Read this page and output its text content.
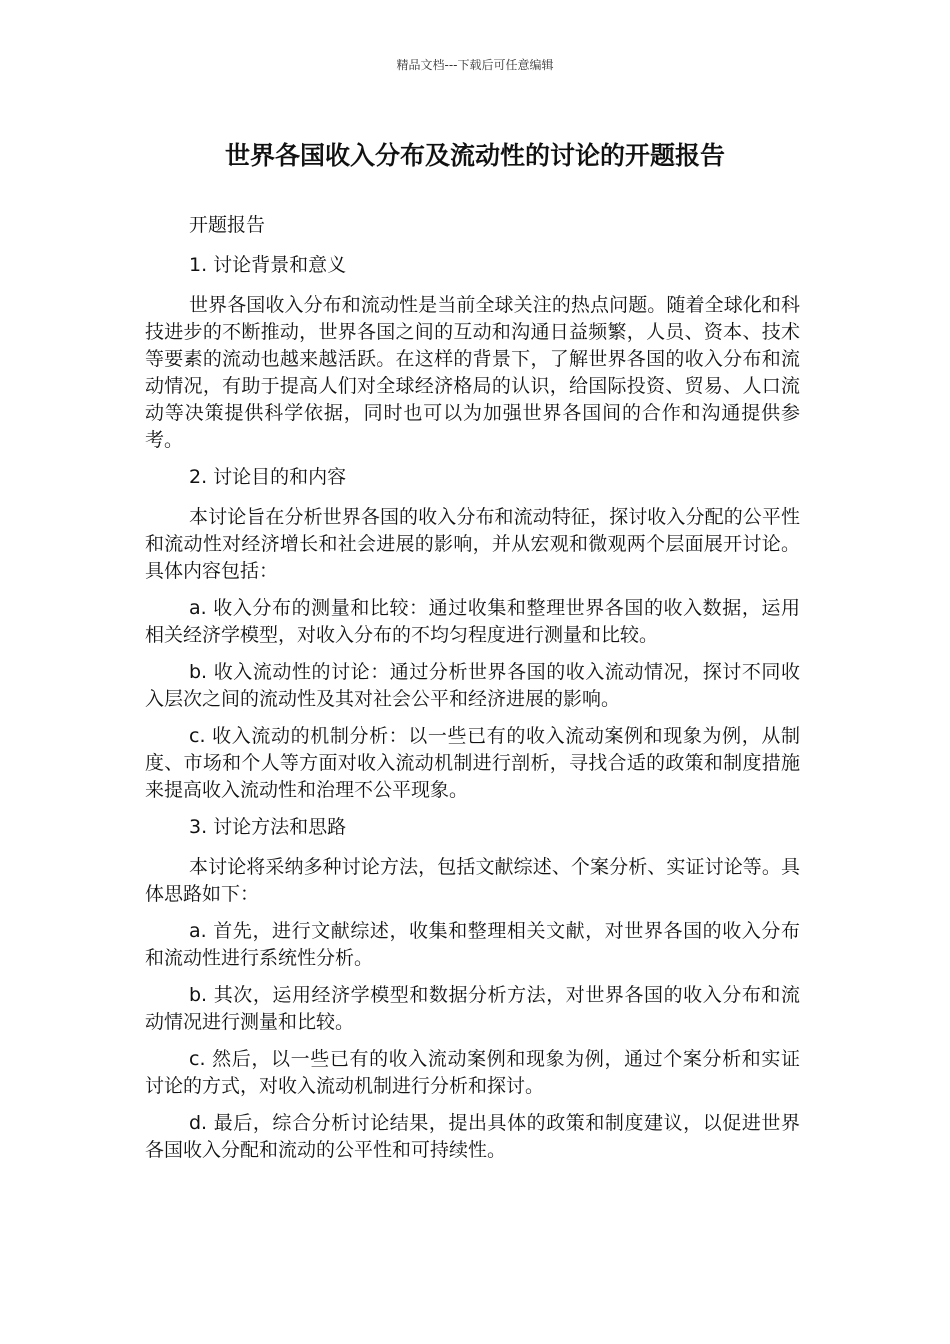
精品文档---下载后可任意编辑
世界各国收入分布及流动性的讨论的开题报告

开题报告

1. 讨论背景和意义

世界各国收入分布和流动性是当前全球关注的热点问题。随着全球化和科技进步的不断推动，世界各国之间的互动和沟通日益频繁，人员、资本、技术等要素的流动也越来越活跃。在这样的背景下，了解世界各国的收入分布和流动情况，有助于提高人们对全球经济格局的认识，给国际投资、贸易、人口流动等决策提供科学依据，同时也可以为加强世界各国间的合作和沟通提供参考。

2. 讨论目的和内容

本讨论旨在分析世界各国的收入分布和流动特征，探讨收入分配的公平性和流动性对经济增长和社会进展的影响，并从宏观和微观两个层面展开讨论。具体内容包括：

a. 收入分布的测量和比较：通过收集和整理世界各国的收入数据，运用相关经济学模型，对收入分布的不均匀程度进行测量和比较。

b. 收入流动性的讨论：通过分析世界各国的收入流动情况，探讨不同收入层次之间的流动性及其对社会公平和经济进展的影响。

c. 收入流动的机制分析：以一些已有的收入流动案例和现象为例，从制度、市场和个人等方面对收入流动机制进行剖析，寻找合适的政策和制度措施来提高收入流动性和治理不公平现象。

3. 讨论方法和思路

本讨论将采纳多种讨论方法，包括文献综述、个案分析、实证讨论等。具体思路如下：

a. 首先，进行文献综述，收集和整理相关文献，对世界各国的收入分布和流动性进行系统性分析。

b. 其次，运用经济学模型和数据分析方法，对世界各国的收入分布和流动情况进行测量和比较。

c. 然后，以一些已有的收入流动案例和现象为例，通过个案分析和实证讨论的方式，对收入流动机制进行分析和探讨。

d. 最后，综合分析讨论结果，提出具体的政策和制度建议，以促进世界各国收入分配和流动的公平性和可持续性。
